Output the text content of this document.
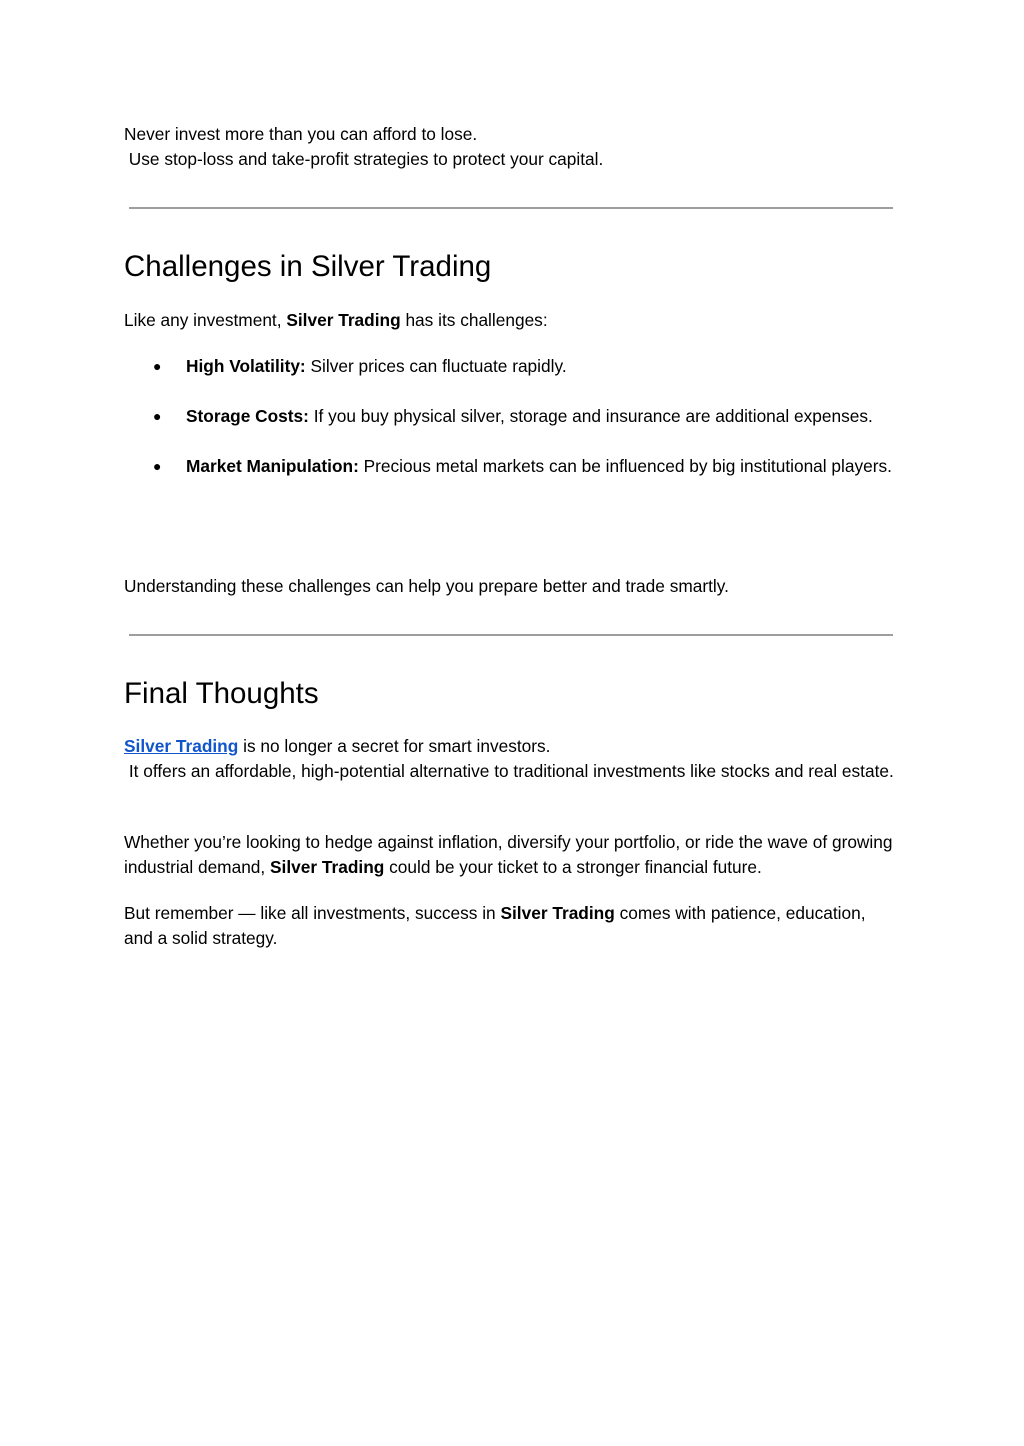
Never invest more than you can afford to lose.

Use stop-loss and take-profit strategies to protect your capital.

Challenges in Silver Trading

Like any investment, Silver Trading has its challenges:

● High Volatility: Silver prices can fluctuate rapidly.
● Storage Costs: If you buy physical silver, storage and insurance are additional expenses.
● Market Manipulation: Precious metal markets can be influenced by big institutional players.

Understanding these challenges can help you prepare better and trade smartly.

Final Thoughts

Silver Trading is no longer a secret for smart investors.

It offers an affordable, high-potential alternative to traditional investments like stocks and real estate.

Whether you’re looking to hedge against inflation, diversify your portfolio, or ride the wave of growing industrial demand, Silver Trading could be your ticket to a stronger financial future.

But remember — like all investments, success in Silver Trading comes with patience, education, and a solid strategy.
